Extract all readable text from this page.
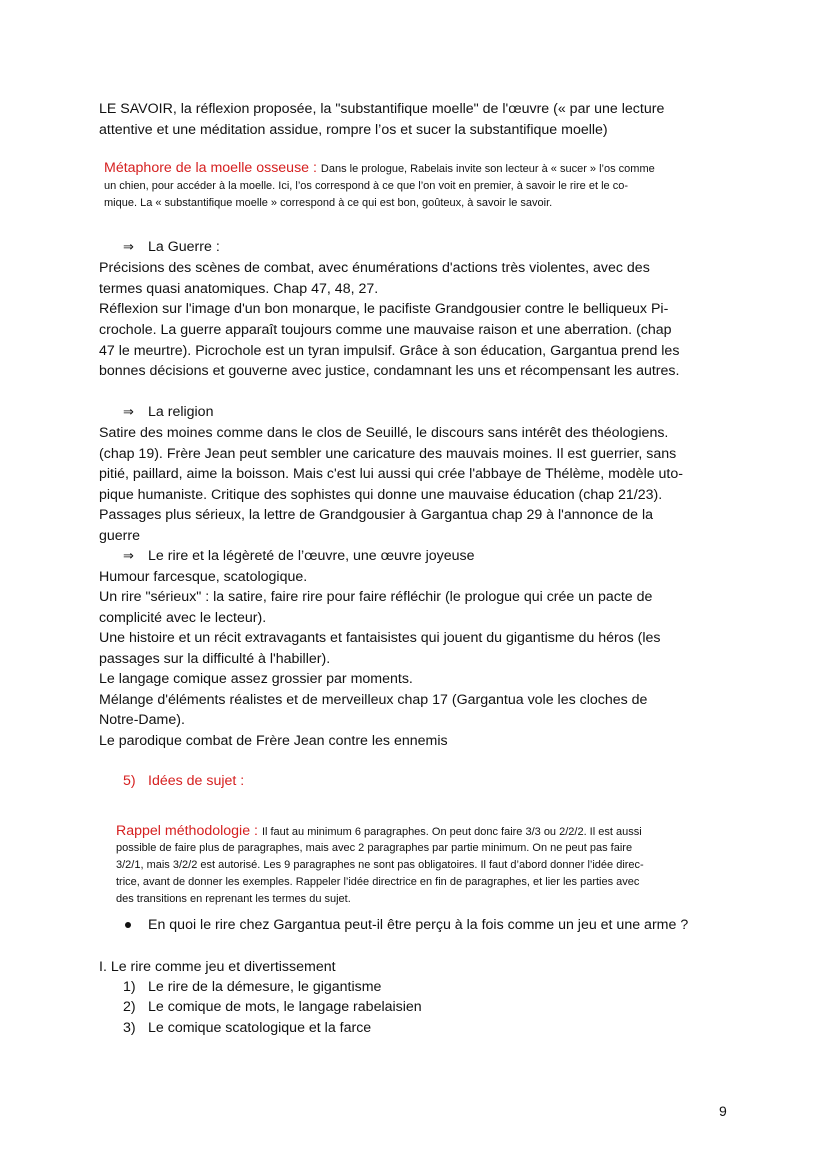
LE SAVOIR, la réflexion proposée, la "substantifique moelle" de l'œuvre (« par une lecture
attentive et une méditation assidue, rompre l’os et sucer la substantifique moelle)
Métaphore de la moelle osseuse : Dans le prologue, Rabelais invite son lecteur à « sucer » l’os comme
un chien, pour accéder à la moelle. Ici, l’os correspond à ce que l’on voit en premier, à savoir le rire et le co-
mique. La « substantifique moelle » correspond à ce qui est bon, goûteux, à savoir le savoir.
⇒ La Guerre :
Précisions des scènes de combat, avec énumérations d'actions très violentes, avec des
termes quasi anatomiques. Chap 47, 48, 27.
Réflexion sur l'image d'un bon monarque, le pacifiste Grandgousier contre le belliqueux Pi-
crochole. La guerre apparaît toujours comme une mauvaise raison et une aberration. (chap
47 le meurtre). Picrochole est un tyran impulsif. Grâce à son éducation, Gargantua prend les
bonnes décisions et gouverne avec justice, condamnant les uns et récompensant les autres.
⇒ La religion
Satire des moines comme dans le clos de Seuillé, le discours sans intérêt des théologiens.
(chap 19). Frère Jean peut sembler une caricature des mauvais moines. Il est guerrier, sans
pitié, paillard, aime la boisson. Mais c'est lui aussi qui crée l'abbaye de Thélème, modèle uto-
pique humaniste. Critique des sophistes qui donne une mauvaise éducation (chap 21/23).
Passages plus sérieux, la lettre de Grandgousier à Gargantua chap 29 à l'annonce de la
guerre
⇒ Le rire et la légèreté de l’œuvre, une œuvre joyeuse
Humour farcesque, scatologique.
Un rire "sérieux" : la satire, faire rire pour faire réfléchir (le prologue qui crée un pacte de
complicité avec le lecteur).
Une histoire et un récit extravagants et fantaisistes qui jouent du gigantisme du héros (les
passages sur la difficulté à l'habiller).
Le langage comique assez grossier par moments.
Mélange d'éléments réalistes et de merveilleux chap 17 (Gargantua vole les cloches de
Notre-Dame).
Le parodique combat de Frère Jean contre les ennemis
5) Idées de sujet :
Rappel méthodologie : Il faut au minimum 6 paragraphes. On peut donc faire 3/3 ou 2/2/2. Il est aussi
possible de faire plus de paragraphes, mais avec 2 paragraphes par partie minimum. On ne peut pas faire
3/2/1, mais 3/2/2 est autorisé. Les 9 paragraphes ne sont pas obligatoires. Il faut d’abord donner l’idée direc-
trice, avant de donner les exemples. Rappeler l’idée directrice en fin de paragraphes, et lier les parties avec
des transitions en reprenant les termes du sujet.
En quoi le rire chez Gargantua peut-il être perçu à la fois comme un jeu et une arme ?
I. Le rire comme jeu et divertissement
1) Le rire de la démesure, le gigantisme
2) Le comique de mots, le langage rabelaisien
3) Le comique scatologique et la farce
9
